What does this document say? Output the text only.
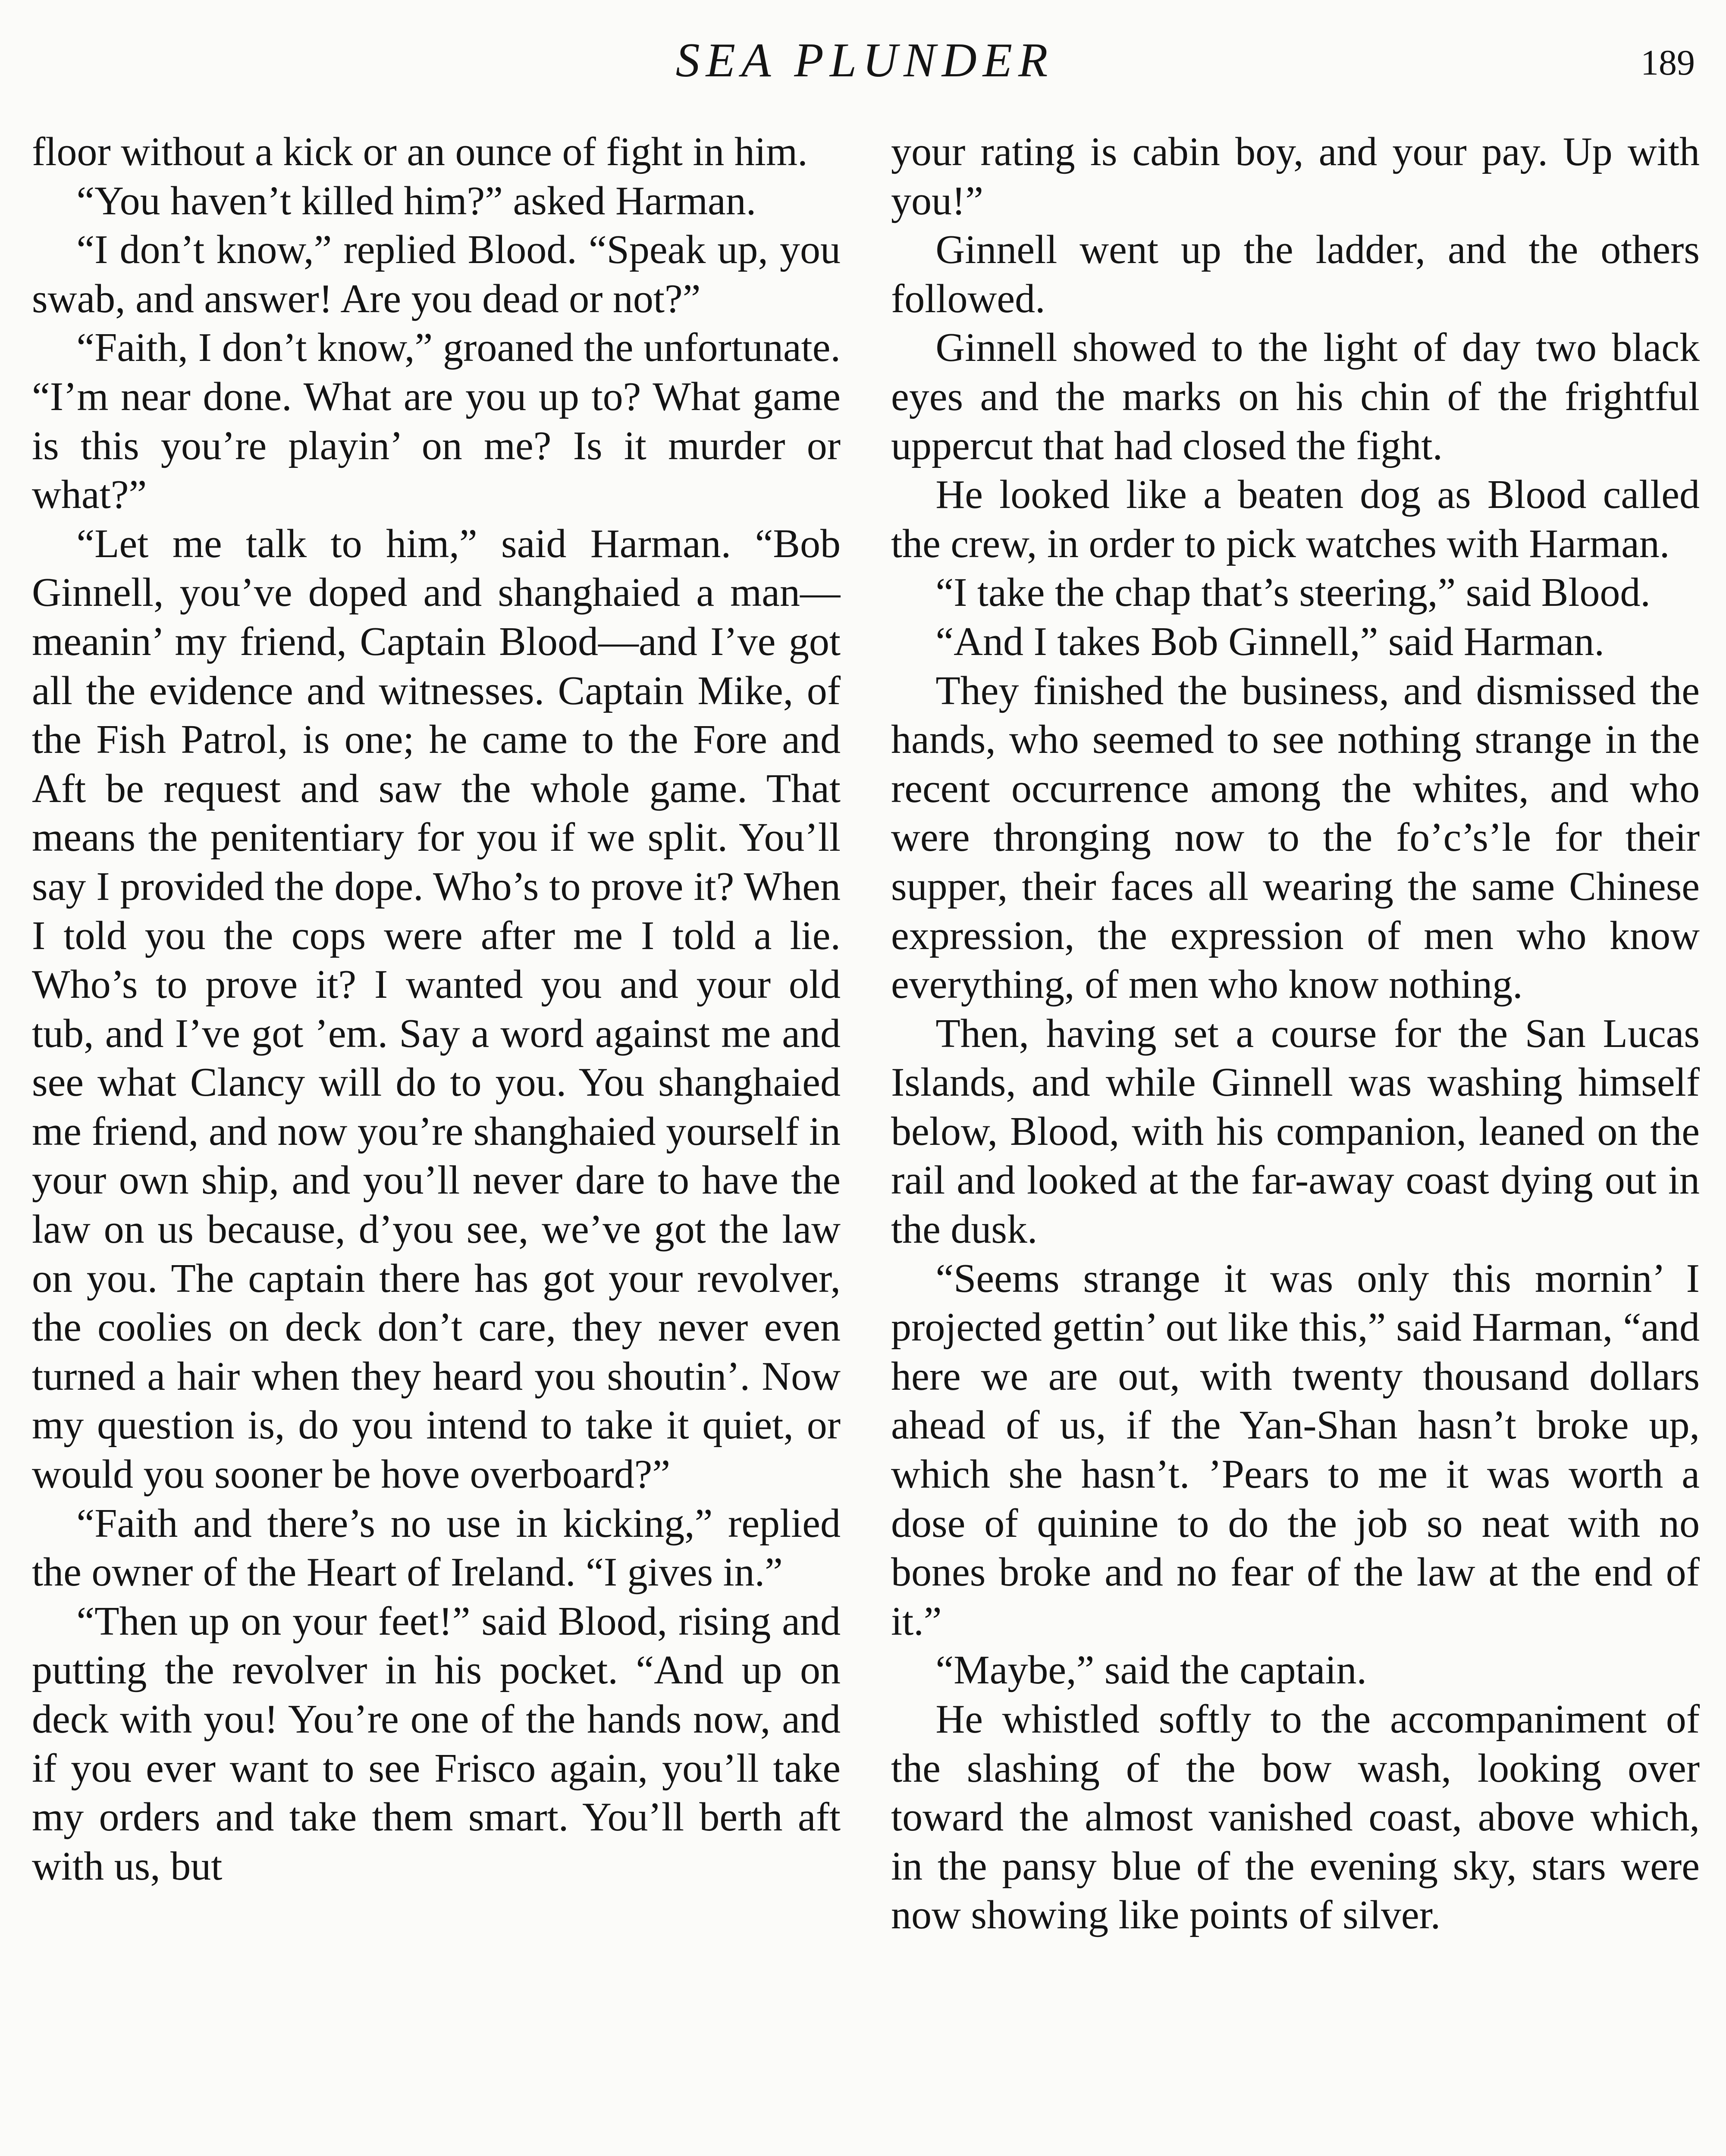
SEA PLUNDER	189

floor without a kick or an ounce of fight in him.

“You haven’t killed him?” asked Harman.

“I don’t know,” replied Blood. “Speak up, you swab, and answer! Are you dead or not?”

“Faith, I don’t know,” groaned the unfortunate. “I’m near done. What are you up to? What game is this you’re playin’ on me? Is it murder or what?”

“Let me talk to him,” said Harman. “Bob Ginnell, you’ve doped and shanghaied a man—meanin’ my friend, Captain Blood—and I’ve got all the evidence and witnesses. Captain Mike, of the Fish Patrol, is one; he came to the Fore and Aft be request and saw the whole game. That means the penitentiary for you if we split. You’ll say I provided the dope. Who’s to prove it? When I told you the cops were after me I told a lie. Who’s to prove it? I wanted you and your old tub, and I’ve got ’em. Say a word against me and see what Clancy will do to you. You shanghaied me friend, and now you’re shanghaied yourself in your own ship, and you’ll never dare to have the law on us because, d’you see, we’ve got the law on you. The captain there has got your revolver, the coolies on deck don’t care, they never even turned a hair when they heard you shoutin’. Now my question is, do you intend to take it quiet, or would you sooner be hove overboard?”

“Faith and there’s no use in kicking,” replied the owner of the Heart of Ireland. “I gives in.”

“Then up on your feet!” said Blood, rising and putting the revolver in his pocket. “And up on deck with you! You’re one of the hands now, and if you ever want to see Frisco again, you’ll take my orders and take them smart. You’ll berth aft with us, but

your rating is cabin boy, and your pay. Up with you!”

Ginnell went up the ladder, and the others followed.

Ginnell showed to the light of day two black eyes and the marks on his chin of the frightful uppercut that had closed the fight.

He looked like a beaten dog as Blood called the crew, in order to pick watches with Harman.

“I take the chap that’s steering,” said Blood.

“And I takes Bob Ginnell,” said Harman.

They finished the business, and dismissed the hands, who seemed to see nothing strange in the recent occurrence among the whites, and who were thronging now to the fo’c’s’le for their supper, their faces all wearing the same Chinese expression, the expression of men who know everything, of men who know nothing.

Then, having set a course for the San Lucas Islands, and while Ginnell was washing himself below, Blood, with his companion, leaned on the rail and looked at the far-away coast dying out in the dusk.

“Seems strange it was only this mornin’ I projected gettin’ out like this,” said Harman, “and here we are out, with twenty thousand dollars ahead of us, if the Yan-Shan hasn’t broke up, which she hasn’t. ’Pears to me it was worth a dose of quinine to do the job so neat with no bones broke and no fear of the law at the end of it.”

“Maybe,” said the captain.

He whistled softly to the accompaniment of the slashing of the bow wash, looking over toward the almost vanished coast, above which, in the pansy blue of the evening sky, stars were now showing like points of silver.
